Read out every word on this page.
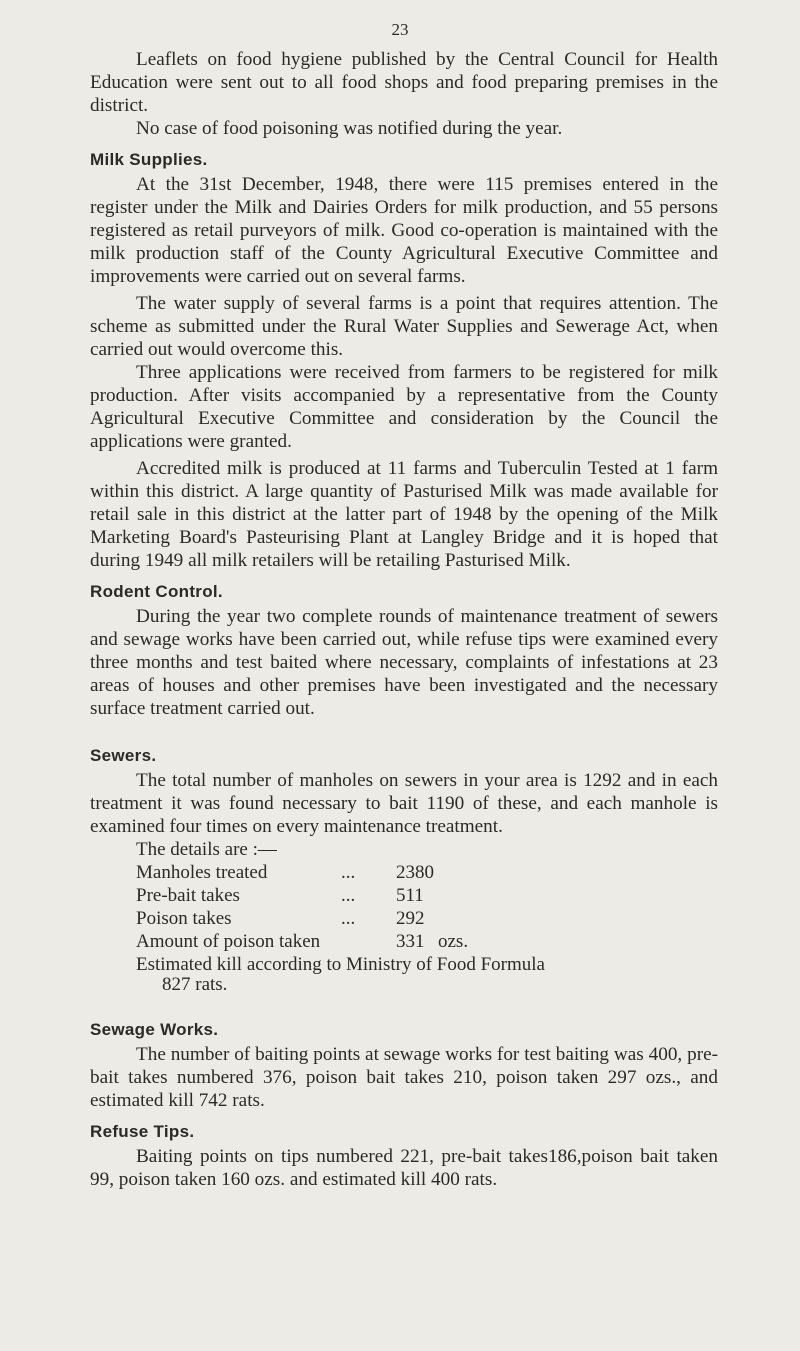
23

Leaflets on food hygiene published by the Central Council for Health Education were sent out to all food shops and food preparing premises in the district.

No case of food poisoning was notified during the year.

Milk Supplies.

At the 31st December, 1948, there were 115 premises entered in the register under the Milk and Dairies Orders for milk production, and 55 persons registered as retail purveyors of milk. Good co-operation is maintained with the milk production staff of the County Agricultural Executive Committee and improvements were carried out on several farms.

The water supply of several farms is a point that requires attention. The scheme as submitted under the Rural Water Supplies and Sewerage Act, when carried out would overcome this.

Three applications were received from farmers to be registered for milk production. After visits accompanied by a representative from the County Agricultural Executive Committee and consideration by the Council the applications were granted.

Accredited milk is produced at 11 farms and Tuberculin Tested at 1 farm within this district. A large quantity of Pasturised Milk was made available for retail sale in this district at the latter part of 1948 by the opening of the Milk Marketing Board's Pasteurising Plant at Langley Bridge and it is hoped that during 1949 all milk retailers will be retailing Pasturised Milk.

Rodent Control.

During the year two complete rounds of maintenance treatment of sewers and sewage works have been carried out, while refuse tips were examined every three months and test baited where necessary, complaints of infestations at 23 areas of houses and other premises have been investigated and the necessary surface treatment carried out.

Sewers.

The total number of manholes on sewers in your area is 1292 and in each treatment it was found necessary to bait 1190 of these, and each manhole is examined four times on every maintenance treatment.

The details are :—
Manholes treated	...	2380
Pre-bait takes	...	511
Poison takes	...	292
Amount of poison taken	331 ozs.
Estimated kill according to Ministry of Food Formula
827 rats.
Sewage Works.

The number of baiting points at sewage works for test baiting was 400, pre-bait takes numbered 376, poison bait takes 210, poison taken 297 ozs., and estimated kill 742 rats.

Refuse Tips.

Baiting points on tips numbered 221, pre-bait takes186,poison bait taken 99, poison taken 160 ozs. and estimated kill 400 rats.
